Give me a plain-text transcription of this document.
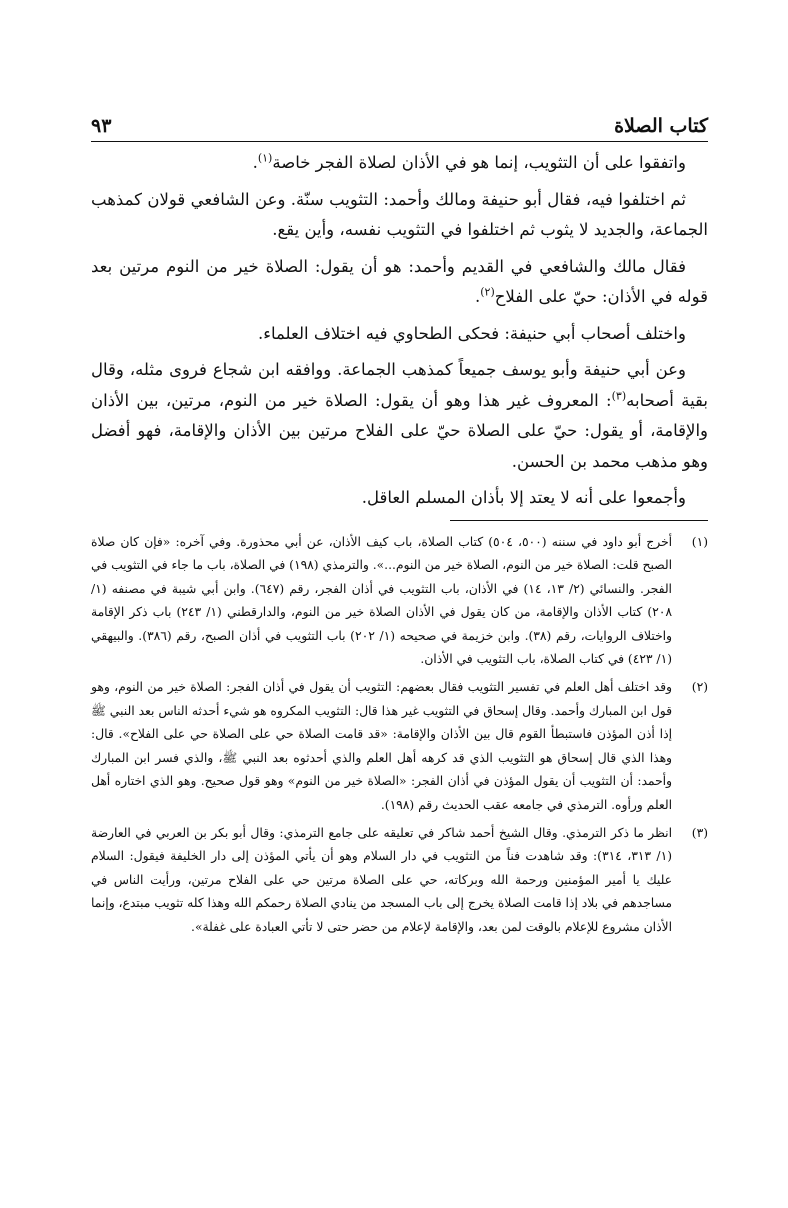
كتاب الصلاة
٩٣

واتفقوا على أن التثويب، إنما هو في الأذان لصلاة الفجر خاصة$^{(١)}$.

ثم اختلفوا فيه، فقال أبو حنيفة ومالك وأحمد: التثويب سنّة. وعن الشافعي قولان كمذهب الجماعة، والجديد لا يثوب ثم اختلفوا في التثويب نفسه، وأين يقع.

فقال مالك والشافعي في القديم وأحمد: هو أن يقول: الصلاة خير من النوم مرتين بعد قوله في الأذان: حيّ على الفلاح$^{(٢)}$.

واختلف أصحاب أبي حنيفة: فحكى الطحاوي فيه اختلاف العلماء.

وعن أبي حنيفة وأبو يوسف جميعاً كمذهب الجماعة. ووافقه ابن شجاع فروى مثله، وقال بقية أصحابه$^{(٣)}$: المعروف غير هذا وهو أن يقول: الصلاة خير من النوم، مرتين، بين الأذان والإقامة، أو يقول: حيّ على الصلاة حيّ على الفلاح مرتين بين الأذان والإقامة، فهو أفضل وهو مذهب محمد بن الحسن.

وأجمعوا على أنه لا يعتد إلا بأذان المسلم العاقل.

(١)
أخرج أبو داود في سننه (٥٠٠، ٥٠٤) كتاب الصلاة، باب كيف الأذان، عن أبي محذورة. وفي آخره: «فإن كان صلاة الصبح قلت: الصلاة خير من النوم، الصلاة خير من النوم...». والترمذي (١٩٨) في الصلاة، باب ما جاء في التثويب في الفجر. والنسائي (٢/ ١٣، ١٤) في الأذان، باب التثويب في أذان الفجر، رقم (٦٤٧). وابن أبي شيبة في مصنفه (١/ ٢٠٨) كتاب الأذان والإقامة، من كان يقول في الأذان الصلاة خير من النوم، والدارقطني (١/ ٢٤٣) باب ذكر الإقامة واختلاف الروايات، رقم (٣٨). وابن خزيمة في صحيحه (١/ ٢٠٢) باب التثويب في أذان الصبح، رقم (٣٨٦). والبيهقي (١/ ٤٢٣) في كتاب الصلاة، باب التثويب في الأذان.
(٢)
وقد اختلف أهل العلم في تفسير التثويب فقال بعضهم: التثويب أن يقول في أذان الفجر: الصلاة خير من النوم، وهو قول ابن المبارك وأحمد. وقال إسحاق في التثويب غير هذا قال: التثويب المكروه هو شيء أحدثه الناس بعد النبي ﷺ إذا أذن المؤذن فاستبطأ القوم قال بين الأذان والإقامة: «قد قامت الصلاة حي على الصلاة حي على الفلاح». قال: وهذا الذي قال إسحاق هو التثويب الذي قد كرهه أهل العلم والذي أحدثوه بعد النبي ﷺ، والذي فسر ابن المبارك وأحمد: أن التثويب أن يقول المؤذن في أذان الفجر: «الصلاة خير من النوم» وهو قول صحيح. وهو الذي اختاره أهل العلم ورأوه. الترمذي في جامعه عقب الحديث رقم (١٩٨).
(٣)
انظر ما ذكر الترمذي. وقال الشيخ أحمد شاكر في تعليقه على جامع الترمذي: وقال أبو بكر بن العربي في العارضة (١/ ٣١٣، ٣١٤): وقد شاهدت فناً من التثويب في دار السلام وهو أن يأتي المؤذن إلى دار الخليفة فيقول: السلام عليك يا أمير المؤمنين ورحمة الله وبركاته، حي على الصلاة مرتين حي على الفلاح مرتين، ورأيت الناس في مساجدهم في بلاد إذا قامت الصلاة يخرج إلى باب المسجد من ينادي الصلاة رحمكم الله وهذا كله تثويب مبتدع، وإنما الأذان مشروع للإعلام بالوقت لمن بعد، والإقامة لإعلام من حضر حتى لا تأتي العبادة على غفلة».
